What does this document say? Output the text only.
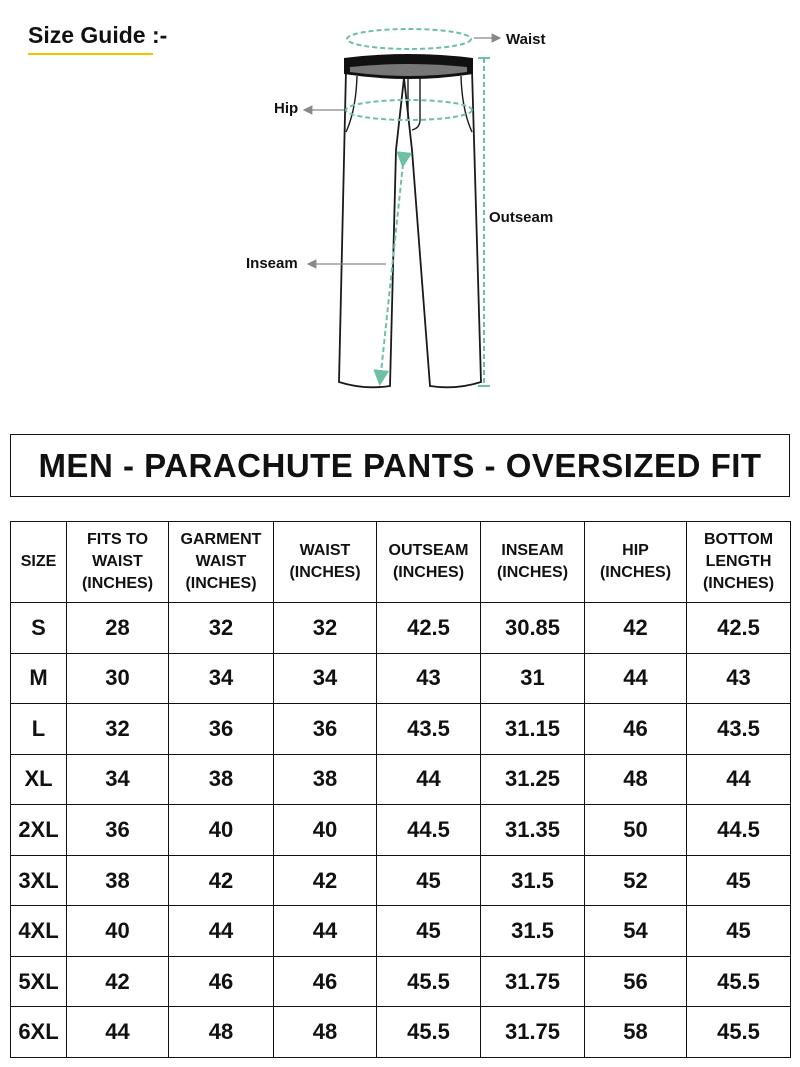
Size Guide :-	Waist
Hip
Outseam
Inseam
MEN - PARACHUTE PANTS - OVERSIZED FIT
SIZE	FITS TO WAIST (INCHES)	GARMENT WAIST (INCHES)	WAIST (INCHES)	OUTSEAM (INCHES)	INSEAM (INCHES)	HIP (INCHES)	BOTTOM LENGTH (INCHES)
S	28	32	32	42.5	30.85	42	42.5
M	30	34	34	43	31	44	43
L	32	36	36	43.5	31.15	46	43.5
XL	34	38	38	44	31.25	48	44
2XL	36	40	40	44.5	31.35	50	44.5
3XL	38	42	42	45	31.5	52	45
4XL	40	44	44	45	31.5	54	45
5XL	42	46	46	45.5	31.75	56	45.5
6XL	44	48	48	45.5	31.75	58	45.5
